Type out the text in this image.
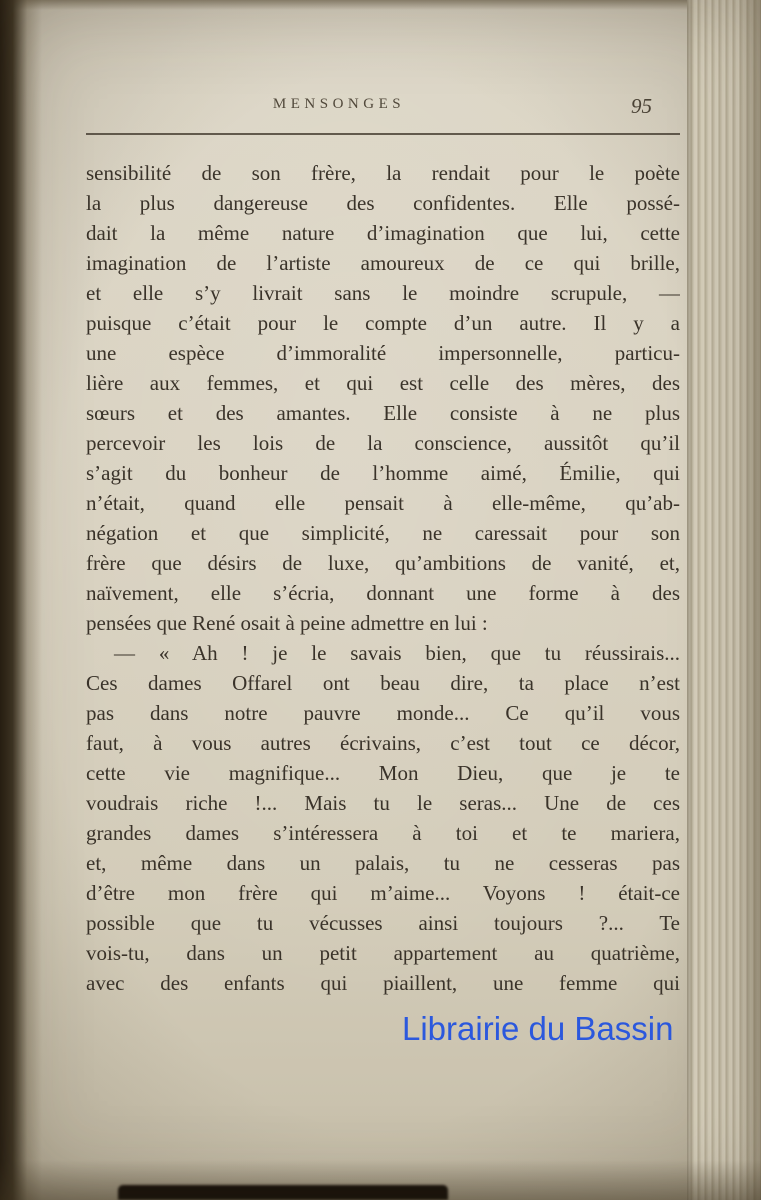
MENSONGES	95
sensibilité de son frère, la rendait pour le poète
la plus dangereuse des confidentes. Elle possé-
dait la même nature d’imagination que lui, cette
imagination de l’artiste amoureux de ce qui brille,
et elle s’y livrait sans le moindre scrupule, —
puisque c’était pour le compte d’un autre. Il y a
une espèce d’immoralité impersonnelle, particu-
lière aux femmes, et qui est celle des mères, des
sœurs et des amantes. Elle consiste à ne plus
percevoir les lois de la conscience, aussitôt qu’il
s’agit du bonheur de l’homme aimé, Émilie, qui
n’était, quand elle pensait à elle-même, qu’ab-
négation et que simplicité, ne caressait pour son
frère que désirs de luxe, qu’ambitions de vanité, et,
naïvement, elle s’écria, donnant une forme à des
pensées que René osait à peine admettre en lui :
— « Ah ! je le savais bien, que tu réussirais...
Ces dames Offarel ont beau dire, ta place n’est
pas dans notre pauvre monde... Ce qu’il vous
faut, à vous autres écrivains, c’est tout ce décor,
cette vie magnifique... Mon Dieu, que je te
voudrais riche !... Mais tu le seras... Une de ces
grandes dames s’intéressera à toi et te mariera,
et, même dans un palais, tu ne cesseras pas
d’être mon frère qui m’aime... Voyons ! était-ce
possible que tu vécusses ainsi toujours ?... Te
vois-tu, dans un petit appartement au quatrième,
avec des enfants qui piaillent, une femme qui
Librairie du Bassin
